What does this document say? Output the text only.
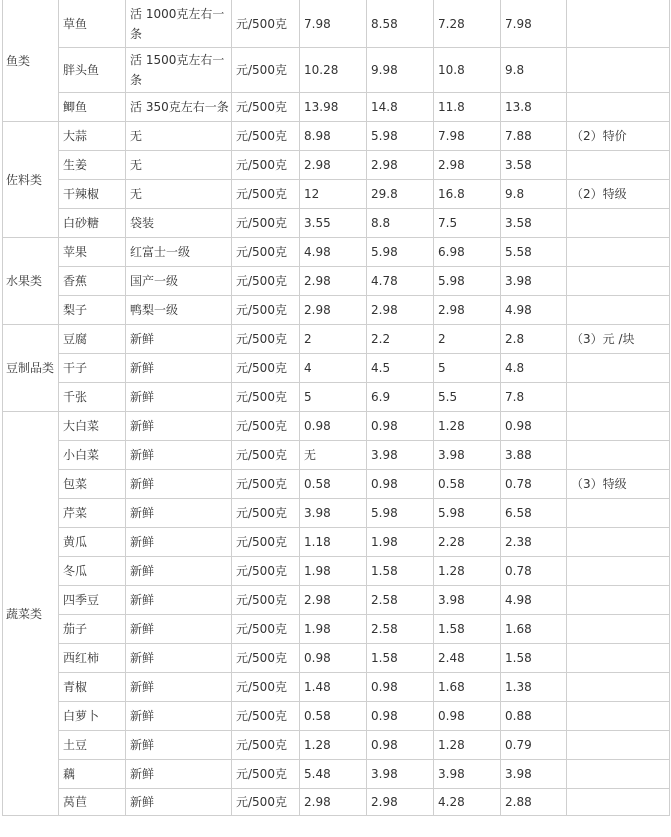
鱼类	草鱼	活 1000克左右一条	元/500克	7.98	8.58	7.28	7.98	
	胖头鱼	活 1500克左右一条	元/500克	10.28	9.98	10.8	9.8	
	鲫鱼	活 350克左右一条	元/500克	13.98	14.8	11.8	13.8	
佐料类	大蒜	无	元/500克	8.98	5.98	7.98	7.88	（2）特价
	生姜	无	元/500克	2.98	2.98	2.98	3.58	
	干辣椒	无	元/500克	12	29.8	16.8	9.8	（2）特级
	白砂糖	袋装	元/500克	3.55	8.8	7.5	3.58	
水果类	苹果	红富士一级	元/500克	4.98	5.98	6.98	5.58	
	香蕉	国产一级	元/500克	2.98	4.78	5.98	3.98	
	梨子	鸭梨一级	元/500克	2.98	2.98	2.98	4.98	
豆制品类	豆腐	新鲜	元/500克	2	2.2	2	2.8	（3）元 /块
	干子	新鲜	元/500克	4	4.5	5	4.8	
	千张	新鲜	元/500克	5	6.9	5.5	7.8	
蔬菜类	大白菜	新鲜	元/500克	0.98	0.98	1.28	0.98	
	小白菜	新鲜	元/500克	无	3.98	3.98	3.88	
	包菜	新鲜	元/500克	0.58	0.98	0.58	0.78	（3）特级
	芹菜	新鲜	元/500克	3.98	5.98	5.98	6.58	
	黄瓜	新鲜	元/500克	1.18	1.98	2.28	2.38	
	冬瓜	新鲜	元/500克	1.98	1.58	1.28	0.78	
	四季豆	新鲜	元/500克	2.98	2.58	3.98	4.98	
	茄子	新鲜	元/500克	1.98	2.58	1.58	1.68	
	西红柿	新鲜	元/500克	0.98	1.58	2.48	1.58	
	青椒	新鲜	元/500克	1.48	0.98	1.68	1.38	
	白萝卜	新鲜	元/500克	0.58	0.98	0.98	0.88	
	土豆	新鲜	元/500克	1.28	0.98	1.28	0.79	
	藕	新鲜	元/500克	5.48	3.98	3.98	3.98	
	莴苣	新鲜	元/500克	2.98	2.98	4.28	2.88	
